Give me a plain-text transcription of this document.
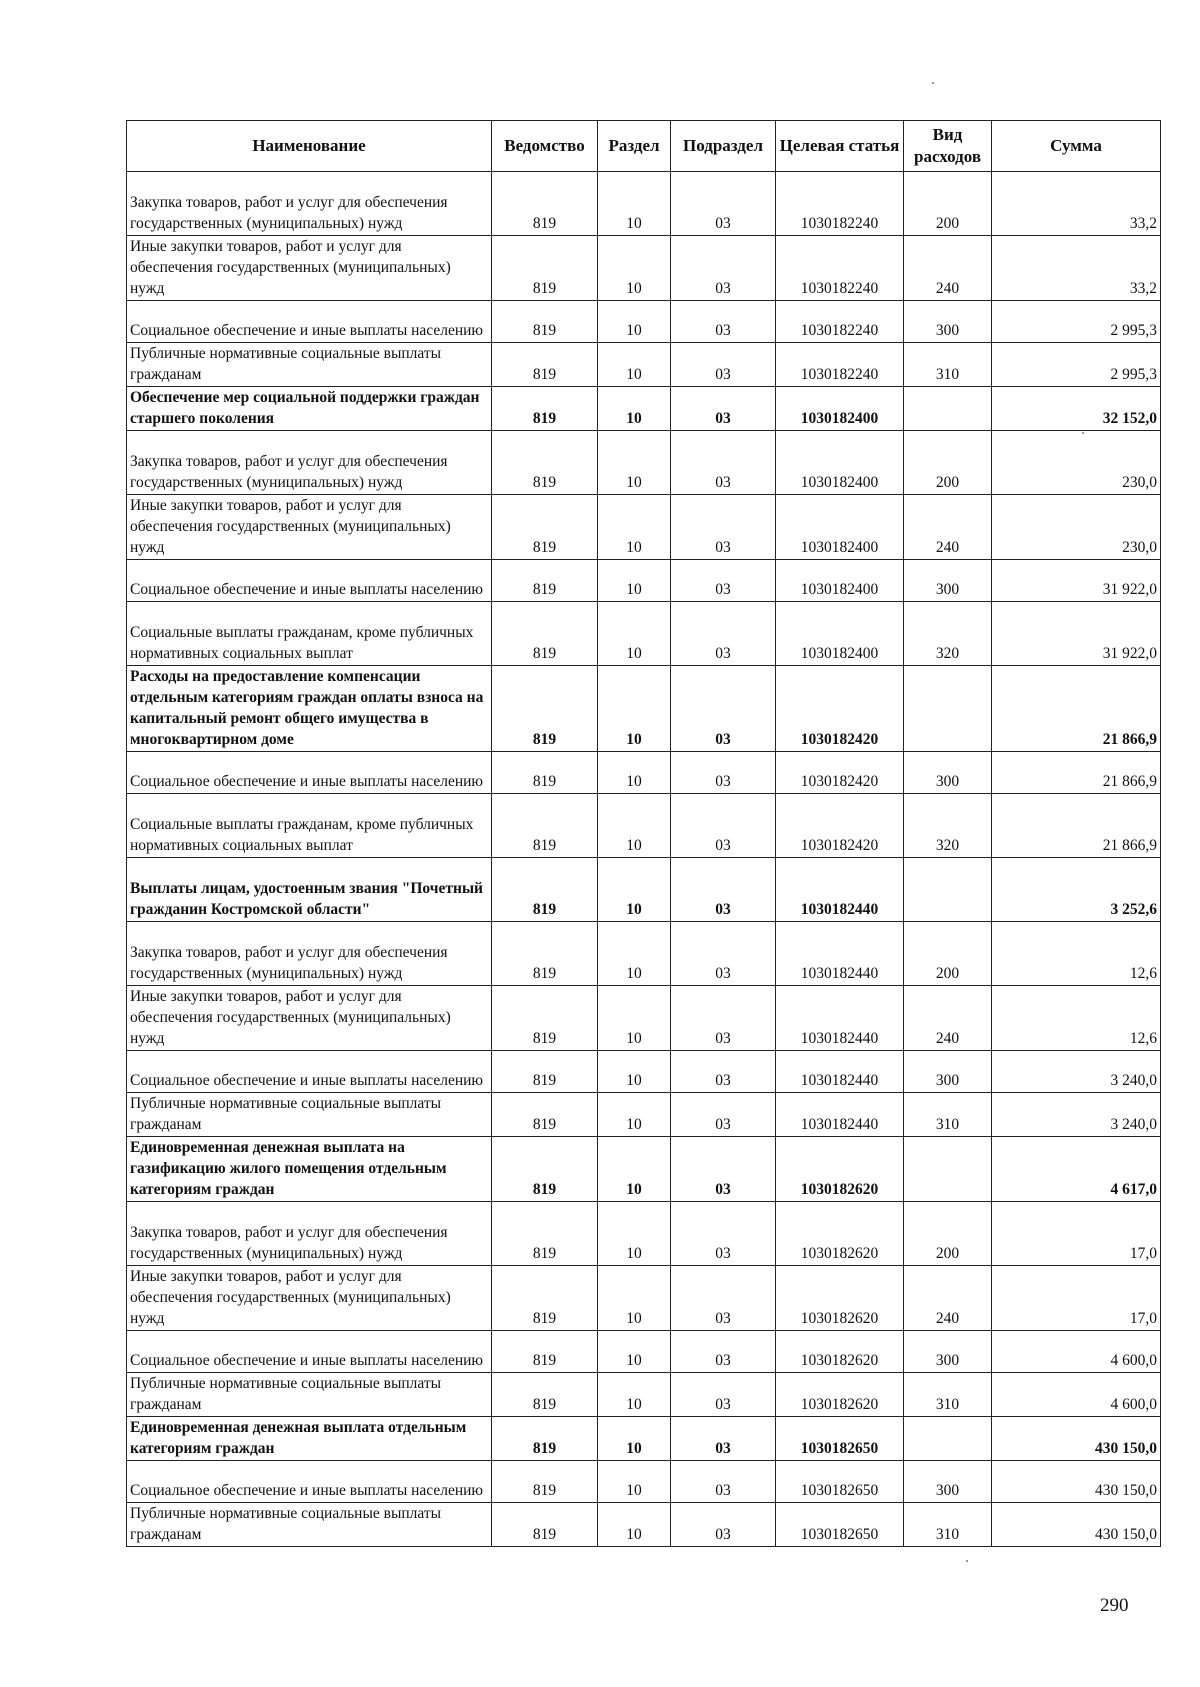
Наименование	Ведомство	Раздел	Подраздел	Целевая статья	Вид расходов	Сумма
Закупка товаров, работ и услуг для обеспечения государственных (муниципальных) нужд	819	10	03	1030182240	200	33,2
Иные закупки товаров, работ и услуг для обеспечения государственных (муниципальных) нужд	819	10	03	1030182240	240	33,2
Социальное обеспечение и иные выплаты населению	819	10	03	1030182240	300	2 995,3
Публичные нормативные социальные выплаты гражданам	819	10	03	1030182240	310	2 995,3
Обеспечение мер социальной поддержки граждан старшего поколения	819	10	03	1030182400		32 152,0
Закупка товаров, работ и услуг для обеспечения государственных (муниципальных) нужд	819	10	03	1030182400	200	230,0
Иные закупки товаров, работ и услуг для обеспечения государственных (муниципальных) нужд	819	10	03	1030182400	240	230,0
Социальное обеспечение и иные выплаты населению	819	10	03	1030182400	300	31 922,0
Социальные выплаты гражданам, кроме публичных нормативных социальных выплат	819	10	03	1030182400	320	31 922,0
Расходы на предоставление компенсации отдельным категориям граждан оплаты взноса на капитальный ремонт общего имущества в многоквартирном доме	819	10	03	1030182420		21 866,9
Социальное обеспечение и иные выплаты населению	819	10	03	1030182420	300	21 866,9
Социальные выплаты гражданам, кроме публичных нормативных социальных выплат	819	10	03	1030182420	320	21 866,9
Выплаты лицам, удостоенным звания "Почетный гражданин Костромской области"	819	10	03	1030182440		3 252,6
Закупка товаров, работ и услуг для обеспечения государственных (муниципальных) нужд	819	10	03	1030182440	200	12,6
Иные закупки товаров, работ и услуг для обеспечения государственных (муниципальных) нужд	819	10	03	1030182440	240	12,6
Социальное обеспечение и иные выплаты населению	819	10	03	1030182440	300	3 240,0
Публичные нормативные социальные выплаты гражданам	819	10	03	1030182440	310	3 240,0
Единовременная денежная выплата на газификацию жилого помещения отдельным категориям граждан	819	10	03	1030182620		4 617,0
Закупка товаров, работ и услуг для обеспечения государственных (муниципальных) нужд	819	10	03	1030182620	200	17,0
Иные закупки товаров, работ и услуг для обеспечения государственных (муниципальных) нужд	819	10	03	1030182620	240	17,0
Социальное обеспечение и иные выплаты населению	819	10	03	1030182620	300	4 600,0
Публичные нормативные социальные выплаты гражданам	819	10	03	1030182620	310	4 600,0
Единовременная денежная выплата отдельным категориям граждан	819	10	03	1030182650		430 150,0
Социальное обеспечение и иные выплаты населению	819	10	03	1030182650	300	430 150,0
Публичные нормативные социальные выплаты гражданам	819	10	03	1030182650	310	430 150,0
290
